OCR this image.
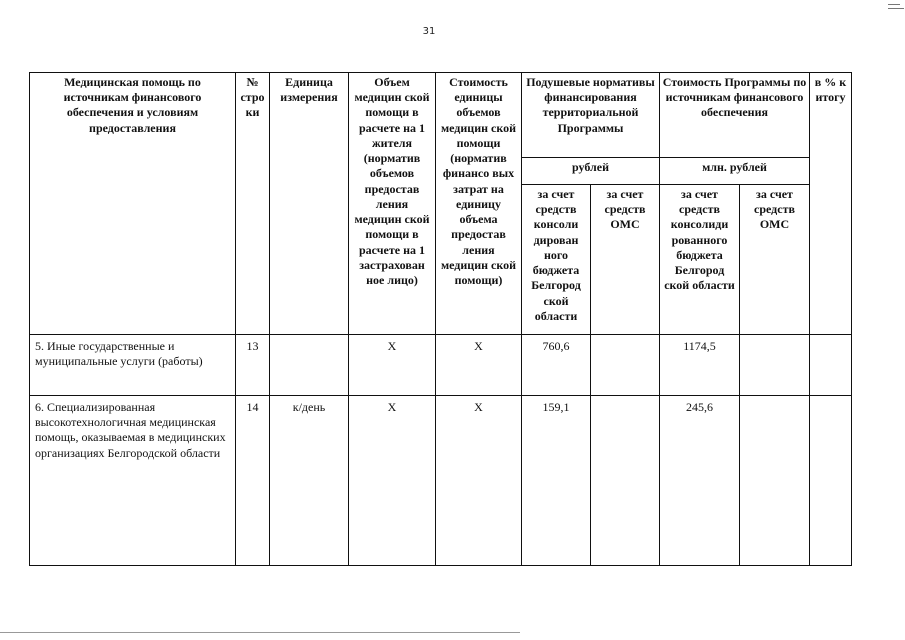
31
Медицинская помощь по источникам финансового обеспечения и условиям предоставления	№ стро ки	Единица измерения	Объем медицин ской помощи в расчете на 1 жителя (норматив объемов предостав ления медицин ской помощи в расчете на 1 застрахован ное лицо)	Стоимость единицы объемов медицин ской помощи (норматив финансо вых затрат на единицу объема предостав ления медицин ской помощи)	Подушевые нормативы финансирования территориальной Программы		Стоимость Программы по источникам финансового обеспечения		в % к итогу
					рублей		млн. рублей		
					за счет средств консоли дирован ного бюджета Белгород ской области	за счет средств ОМС	за счет средств консолиди рованного бюджета Белгород ской области	за счет средств ОМС	
5. Иные государственные и муниципальные услуги (работы)	13		Х	Х	760,6		1174,5		
6. Специализированная высокотехнологичная медицинская помощь, оказываемая в медицинских организациях Белгородской области	14	к/день	Х	Х	159,1		245,6		
